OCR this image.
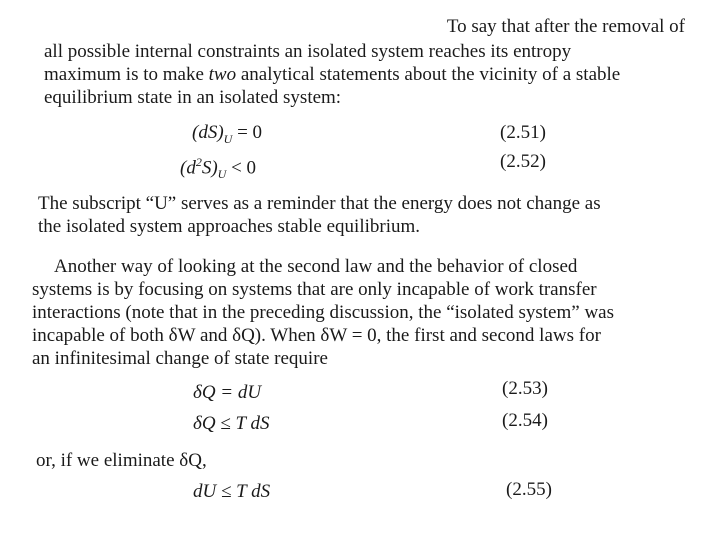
To say that after the removal of
all possible internal constraints an isolated system reaches its entropy
maximum is to make two analytical statements about the vicinity of a stable
equilibrium state in an isolated system:
$(dS)_U = 0$	(2.51)
$(d^2S)_U < 0$	(2.52)
The subscript “U” serves as a reminder that the energy does not change as
the isolated system approaches stable equilibrium.
Another way of looking at the second law and the behavior of closed
systems is by focusing on systems that are only incapable of work transfer
interactions (note that in the preceding discussion, the “isolated system” was
incapable of both δW and δQ). When δW = 0, the first and second laws for
an infinitesimal change of state require
δQ = dU	(2.53)
δQ ≤ T dS	(2.54)
or, if we eliminate δQ,
dU ≤ T dS	(2.55)
